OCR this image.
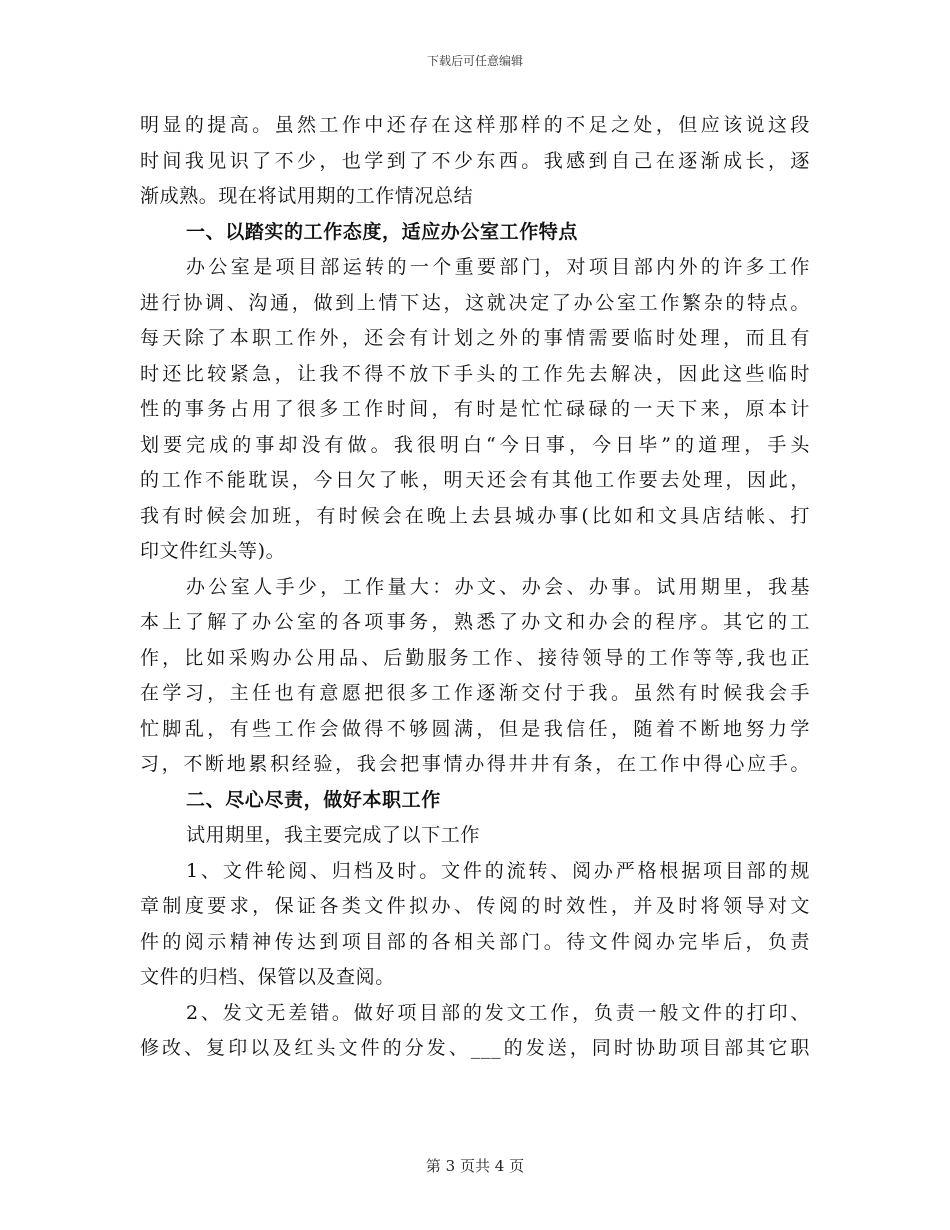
下载后可任意编辑
明显的提高。虽然工作中还存在这样那样的不足之处，但应该说这段
时间我见识了不少，也学到了不少东西。我感到自己在逐渐成长，逐
渐成熟。现在将试用期的工作情况总结
一、以踏实的工作态度，适应办公室工作特点
办公室是项目部运转的一个重要部门，对项目部内外的许多工作
进行协调、沟通，做到上情下达，这就决定了办公室工作繁杂的特点。
每天除了本职工作外，还会有计划之外的事情需要临时处理，而且有
时还比较紧急，让我不得不放下手头的工作先去解决，因此这些临时
性的事务占用了很多工作时间，有时是忙忙碌碌的一天下来，原本计
划要完成的事却没有做。我很明白“今日事，今日毕”的道理，手头
的工作不能耽误，今日欠了帐，明天还会有其他工作要去处理，因此，
我有时候会加班，有时候会在晚上去县城办事(比如和文具店结帐、打
印文件红头等)。
办公室人手少，工作量大：办文、办会、办事。试用期里，我基
本上了解了办公室的各项事务，熟悉了办文和办会的程序。其它的工
作，比如采购办公用品、后勤服务工作、接待领导的工作等等,我也正
在学习，主任也有意愿把很多工作逐渐交付于我。虽然有时候我会手
忙脚乱，有些工作会做得不够圆满，但是我信任，随着不断地努力学
习，不断地累积经验，我会把事情办得井井有条，在工作中得心应手。
二、尽心尽责，做好本职工作
试用期里，我主要完成了以下工作
1、文件轮阅、归档及时。文件的流转、阅办严格根据项目部的规
章制度要求，保证各类文件拟办、传阅的时效性，并及时将领导对文
件的阅示精神传达到项目部的各相关部门。待文件阅办完毕后，负责
文件的归档、保管以及查阅。
2、发文无差错。做好项目部的发文工作，负责一般文件的打印、
修改、复印以及红头文件的分发、___的发送，同时协助项目部其它职
第 3 页共 4 页
